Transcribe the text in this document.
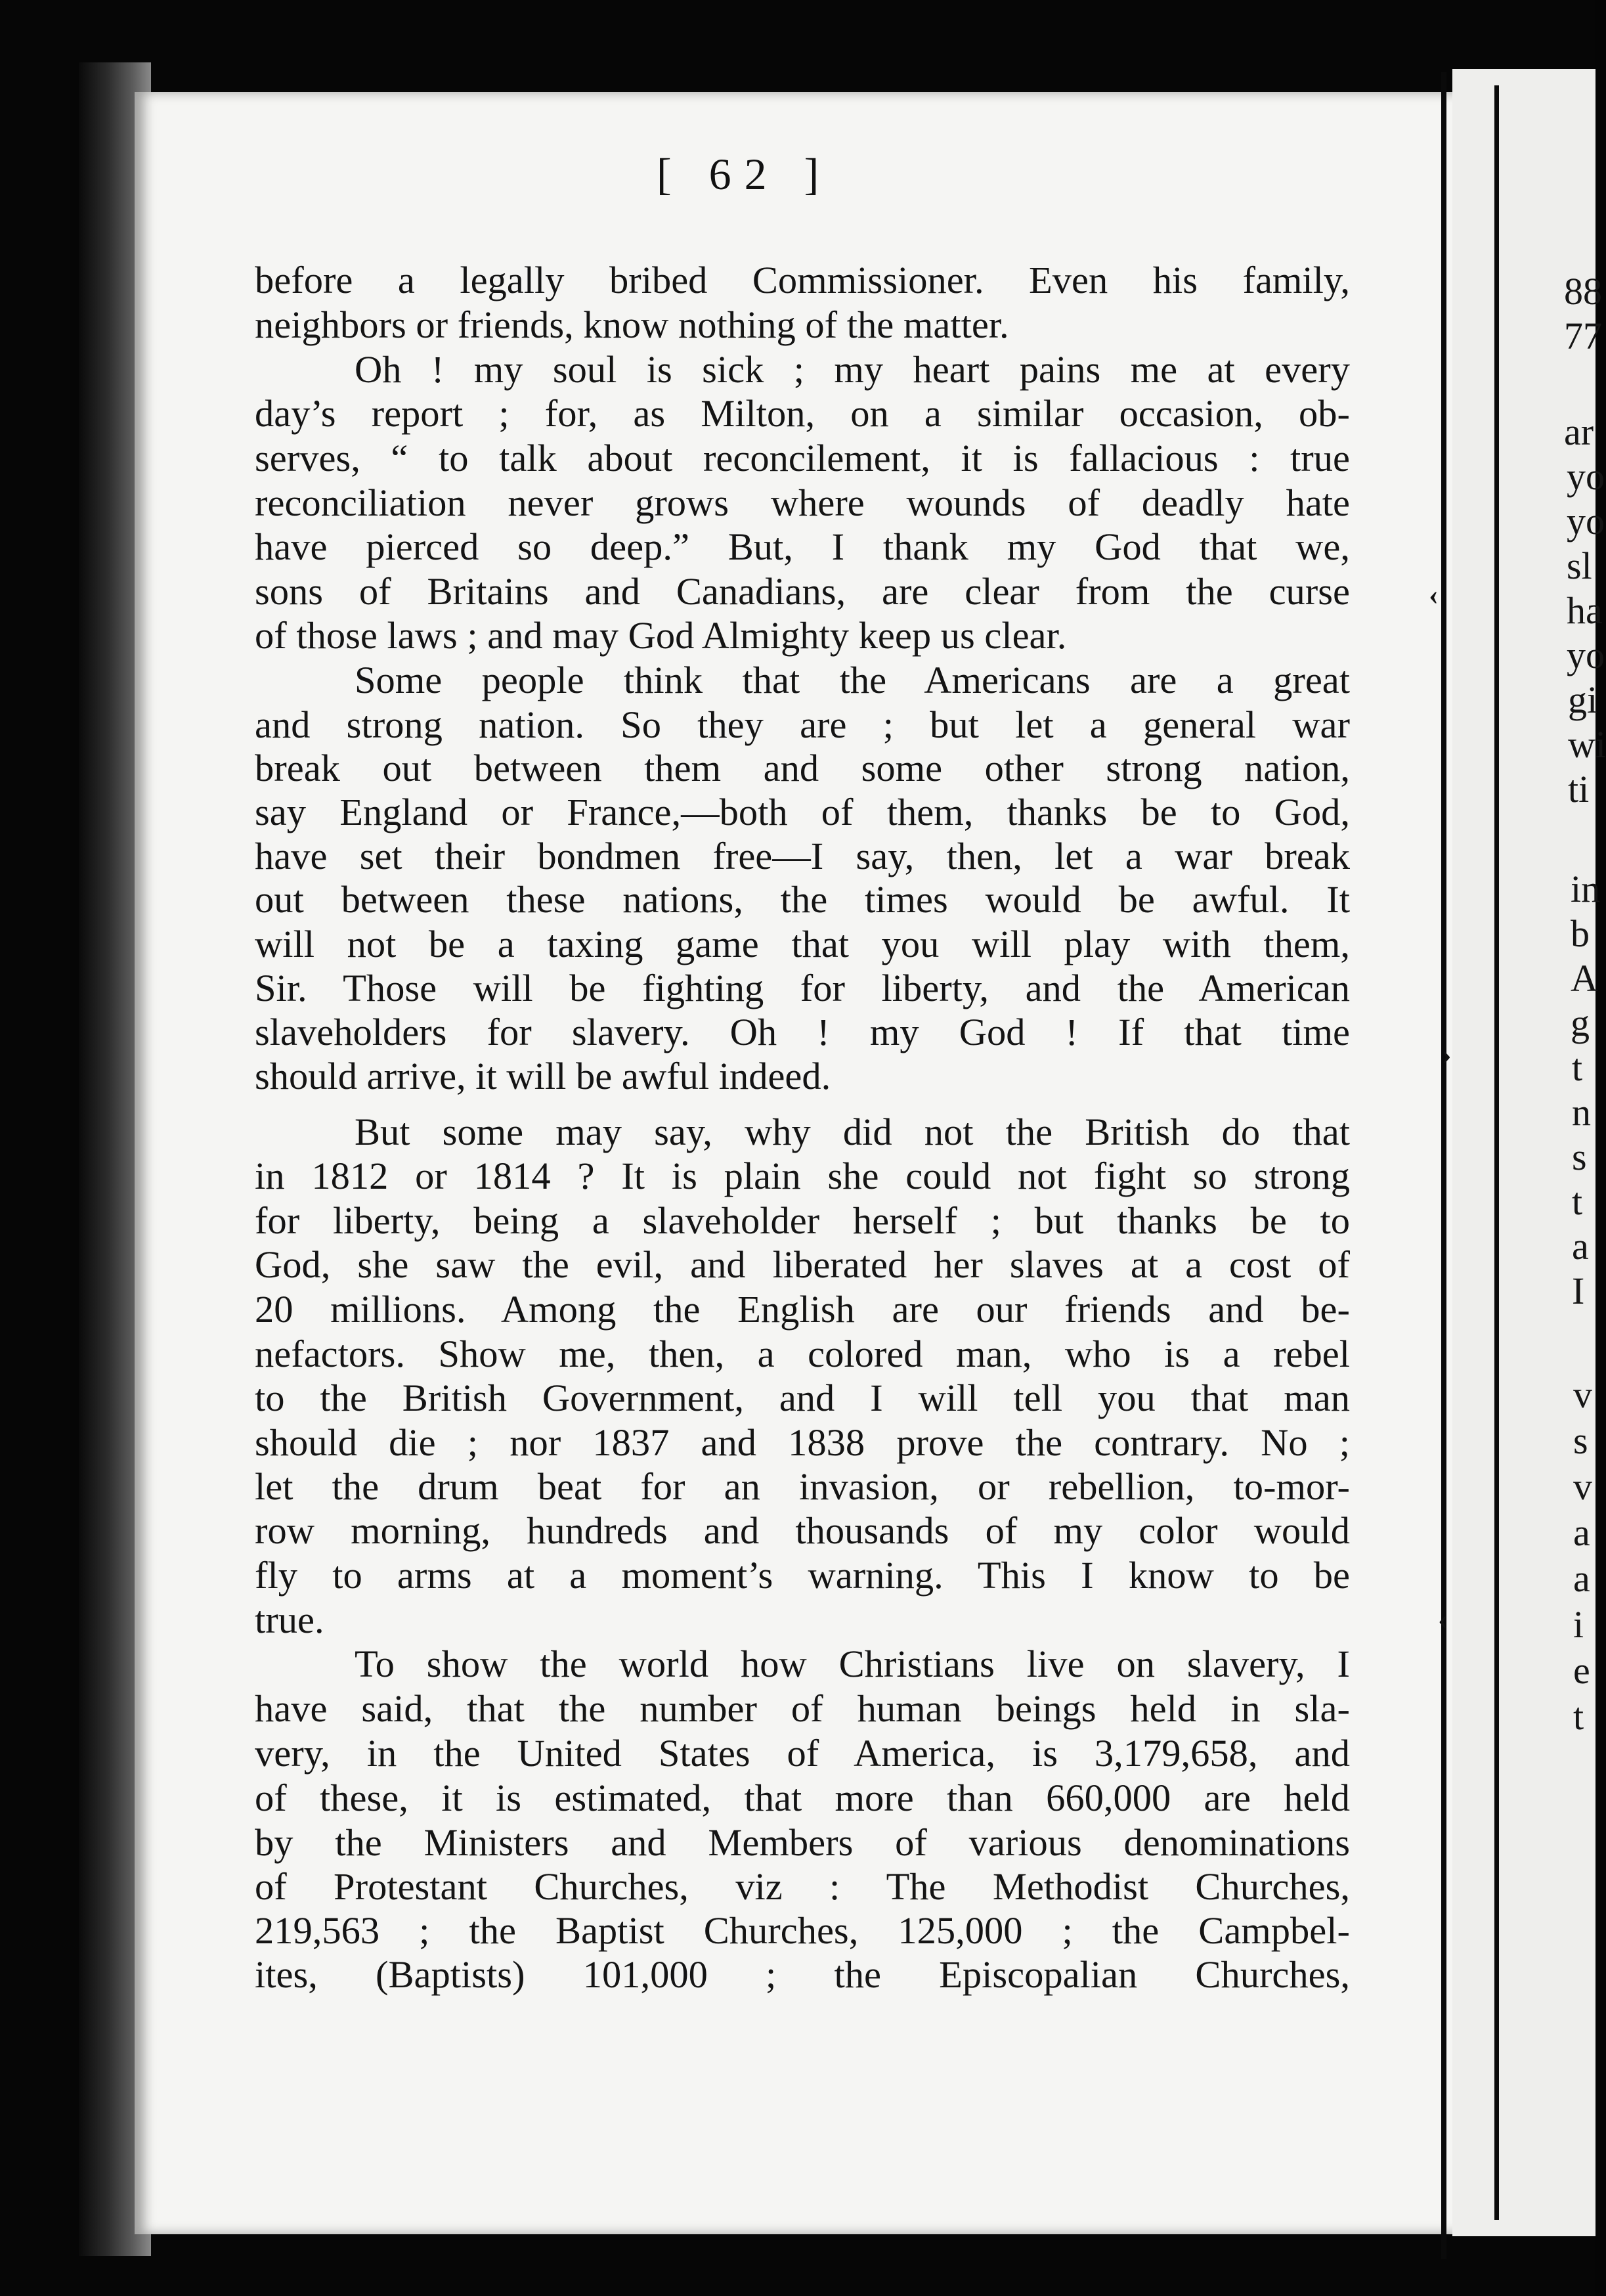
‹
›
‹
[ 62 ]
before a legally bribed Commissioner. Even his family,
neighbors or friends, know nothing of the matter.
Oh ! my soul is sick ; my heart pains me at every
day’s report ; for, as Milton, on a similar occasion, ob-
serves, “ to talk about reconcilement, it is fallacious : true
reconciliation never grows where wounds of deadly hate
have pierced so deep.” But, I thank my God that we,
sons of Britains and Canadians, are clear from the curse
of those laws ; and may God Almighty keep us clear.
Some people think that the Americans are a great
and strong nation. So they are ; but let a general war
break out between them and some other strong nation,
say England or France,—both of them, thanks be to God,
have set their bondmen free—I say, then, let a war break
out between these nations, the times would be awful. It
will not be a taxing game that you will play with them,
Sir. Those will be fighting for liberty, and the American
slaveholders for slavery. Oh ! my God ! If that time
should arrive, it will be awful indeed.
But some may say, why did not the British do that
in 1812 or 1814 ? It is plain she could not fight so strong
for liberty, being a slaveholder herself ; but thanks be to
God, she saw the evil, and liberated her slaves at a cost of
20 millions. Among the English are our friends and be-
nefactors. Show me, then, a colored man, who is a rebel
to the British Government, and I will tell you that man
should die ; nor 1837 and 1838 prove the contrary. No ;
let the drum beat for an invasion, or rebellion, to-mor-
row morning, hundreds and thousands of my color would
fly to arms at a moment’s warning. This I know to be
true.
To show the world how Christians live on slavery, I
have said, that the number of human beings held in sla-
very, in the United States of America, is 3,179,658, and
of these, it is estimated, that more than 660,000 are held
by the Ministers and Members of various denominations
of Protestant Churches, viz : The Methodist Churches,
219,563 ; the Baptist Churches, 125,000 ; the Campbel-
ites, (Baptists) 101,000 ; the Episcopalian Churches,
88
77
ar
yo
yo
sl
ha
yo
gi
wi
ti
in
b
A
g
t
n
s
t
a
I
v
s
v
a
a
i
e
t
